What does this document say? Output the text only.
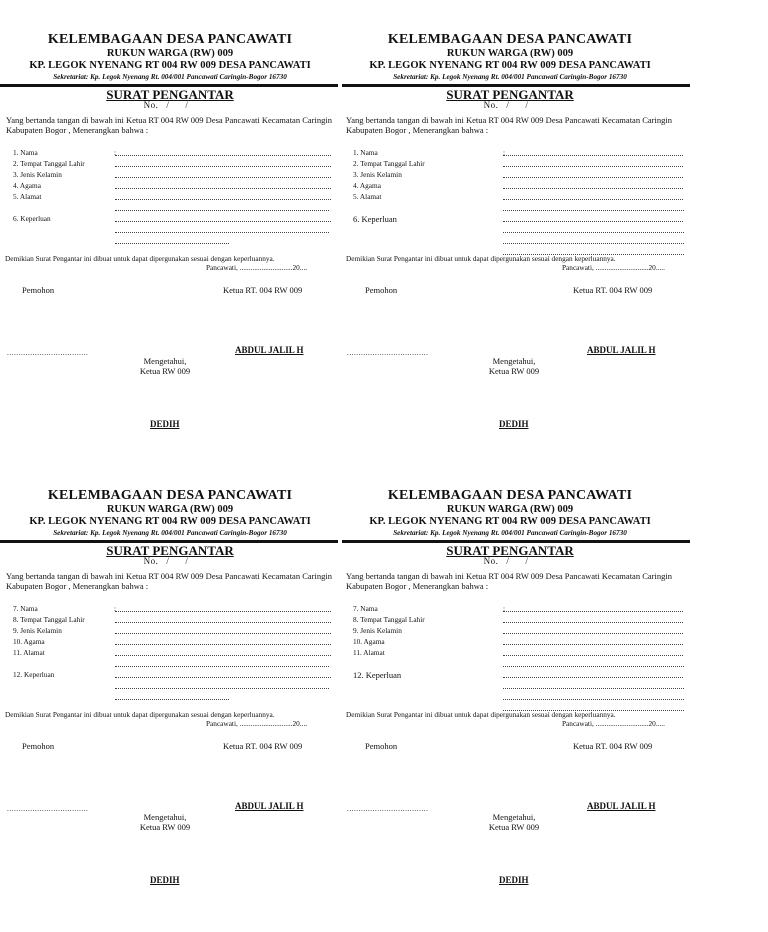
KELEMBAGAAN DESA PANCAWATI
RUKUN WARGA (RW) 009
KP. LEGOK NYENANG RT 004 RW 009 DESA PANCAWATI
Sekretariat: Kp. Legok Nyenang Rt. 004/001 Pancawati Caringin-Bogor 16730
SURAT PENGANTAR
No. / /
Yang bertanda tangan di bawah ini Ketua RT 004 RW 009 Desa Pancawati Kecamatan Caringin Kabupaten Bogor , Menerangkan bahwa :
1. Nama	:
2. Tempat Tanggal Lahir
3. Jenis Kelamin
4. Agama
5. Alamat
6. Keperluan
Demikian Surat Pengantar ini dibuat untuk dapat dipergunakan sesuai dengan keperluannya.
Pancawati, .............................20....
Pemohon	Ketua RT. 004 RW 009
...................................	ABDUL JALIL H
Mengetahui,
Ketua RW 009
DEDIH
KELEMBAGAAN DESA PANCAWATI
RUKUN WARGA (RW) 009
KP. LEGOK NYENANG RT 004 RW 009 DESA PANCAWATI
Sekretariat: Kp. Legok Nyenang Rt. 004/001 Pancawati Caringin-Bogor 16730
SURAT PENGANTAR
No. / /
Yang bertanda tangan di bawah ini Ketua RT 004 RW 009 Desa Pancawati Kecamatan Caringin Kabupaten Bogor , Menerangkan bahwa :
1. Nama	:
2. Tempat Tanggal Lahir
3. Jenis Kelamin
4. Agama
5. Alamat
6. Keperluan
Demikian Surat Pengantar ini dibuat untuk dapat dipergunakan sesuai dengan keperluannya.
Pancawati, .............................20.....
Pemohon	Ketua RT. 004 RW 009
...................................	ABDUL JALIL H
Mengetahui,
Ketua RW 009
DEDIH
KELEMBAGAAN DESA PANCAWATI
RUKUN WARGA (RW) 009
KP. LEGOK NYENANG RT 004 RW 009 DESA PANCAWATI
Sekretariat: Kp. Legok Nyenang Rt. 004/001 Pancawati Caringin-Bogor 16730
SURAT PENGANTAR
No. / /
Yang bertanda tangan di bawah ini Ketua RT 004 RW 009 Desa Pancawati Kecamatan Caringin Kabupaten Bogor , Menerangkan bahwa :
7. Nama	:
8. Tempat Tanggal Lahir
9. Jenis Kelamin
10. Agama
11. Alamat
12. Keperluan
Demikian Surat Pengantar ini dibuat untuk dapat dipergunakan sesuai dengan keperluannya.
Pancawati, .............................20....
Pemohon	Ketua RT. 004 RW 009
...................................	ABDUL JALIL H
Mengetahui,
Ketua RW 009
DEDIH
KELEMBAGAAN DESA PANCAWATI
RUKUN WARGA (RW) 009
KP. LEGOK NYENANG RT 004 RW 009 DESA PANCAWATI
Sekretariat: Kp. Legok Nyenang Rt. 004/001 Pancawati Caringin-Bogor 16730
SURAT PENGANTAR
No. / /
Yang bertanda tangan di bawah ini Ketua RT 004 RW 009 Desa Pancawati Kecamatan Caringin Kabupaten Bogor , Menerangkan bahwa :
7. Nama	:
8. Tempat Tanggal Lahir
9. Jenis Kelamin
10. Agama
11. Alamat
12. Keperluan
Demikian Surat Pengantar ini dibuat untuk dapat dipergunakan sesuai dengan keperluannya.
Pancawati, .............................20.....
Pemohon	Ketua RT. 004 RW 009
...................................	ABDUL JALIL H
Mengetahui,
Ketua RW 009
DEDIH
